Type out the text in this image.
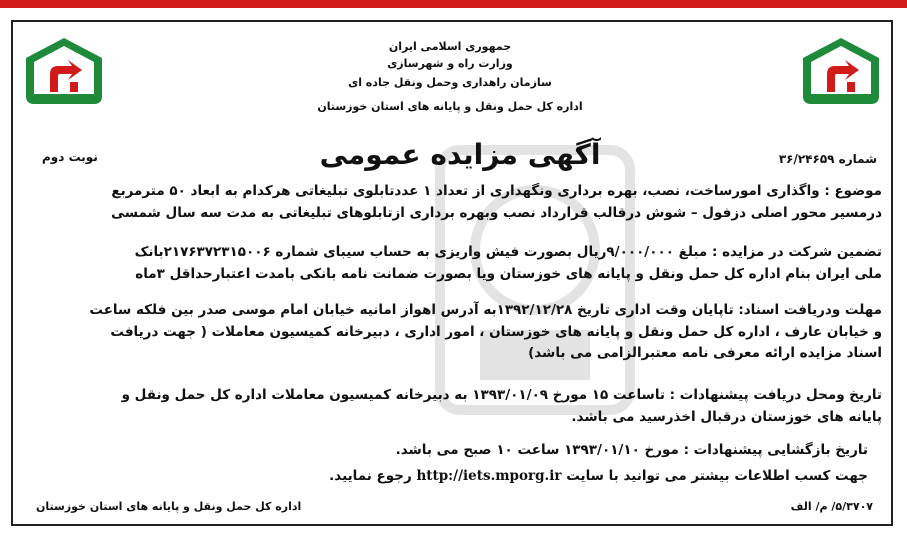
جمهوری اسلامی ایران
وزارت راه و شهرسازی
سازمان راهداری وحمل ونقل جاده ای
اداره کل حمل ونقل و پایانه های استان خوزستان
آگهی مزایده عمومی	شماره ۳۶/۲۴۶۵۹
نوبت دوم
موضوع : واگذاری امورساخت، نصب، بهره برداری ونگهداری از تعداد ۱ عددتابلوی تبلیغاتی هرکدام به ابعاد ۵۰ مترمربع
درمسیر محور اصلی دزفول – شوش درقالب قرارداد نصب وبهره برداری ازتابلوهای تبلیغاتی به مدت سه سال شمسی
تضمین شرکت در مزایده : مبلغ ۹/۰۰۰/۰۰۰ریال بصورت فیش واریزی به حساب سیبای شماره ۲۱۷۶۳۷۲۳۱۵۰۰۶بانک
ملی ایران بنام اداره کل حمل ونقل و پایانه های خوزستان ویا بصورت ضمانت نامه بانکی بامدت اعتبارحداقل ۳ماه
مهلت ودریافت اسناد: تاپایان وقت اداری تاریخ ۱۳۹۲/۱۲/۲۸به آدرس اهواز امانیه خیابان امام موسی صدر بین فلکه ساعت
و خیابان عارف ، اداره کل حمل ونقل و پایانه های خوزستان ، امور اداری ، دبیرخانه کمیسیون معاملات ( جهت دریافت
اسناد مزایده ارائه معرفی نامه معتبرالزامی می باشد)
تاریخ ومحل دریافت پیشنهادات : تاساعت ۱۵ مورخ ۱۳۹۳/۰۱/۰۹ به دبیرخانه کمیسیون معاملات اداره کل حمل ونقل و
پایانه های خوزستان درقبال اخذرسید می باشد.
تاریخ بازگشایی پیشنهادات : مورخ ۱۳۹۳/۰۱/۱۰ ساعت ۱۰ صبح می باشد.
جهت کسب اطلاعات بیشتر می توانید با سایت http://iets.mporg.ir رجوع نمایید.
۵/۳۷۰۷/ م/ الف
اداره کل حمل ونقل و پایانه های استان خوزستان
